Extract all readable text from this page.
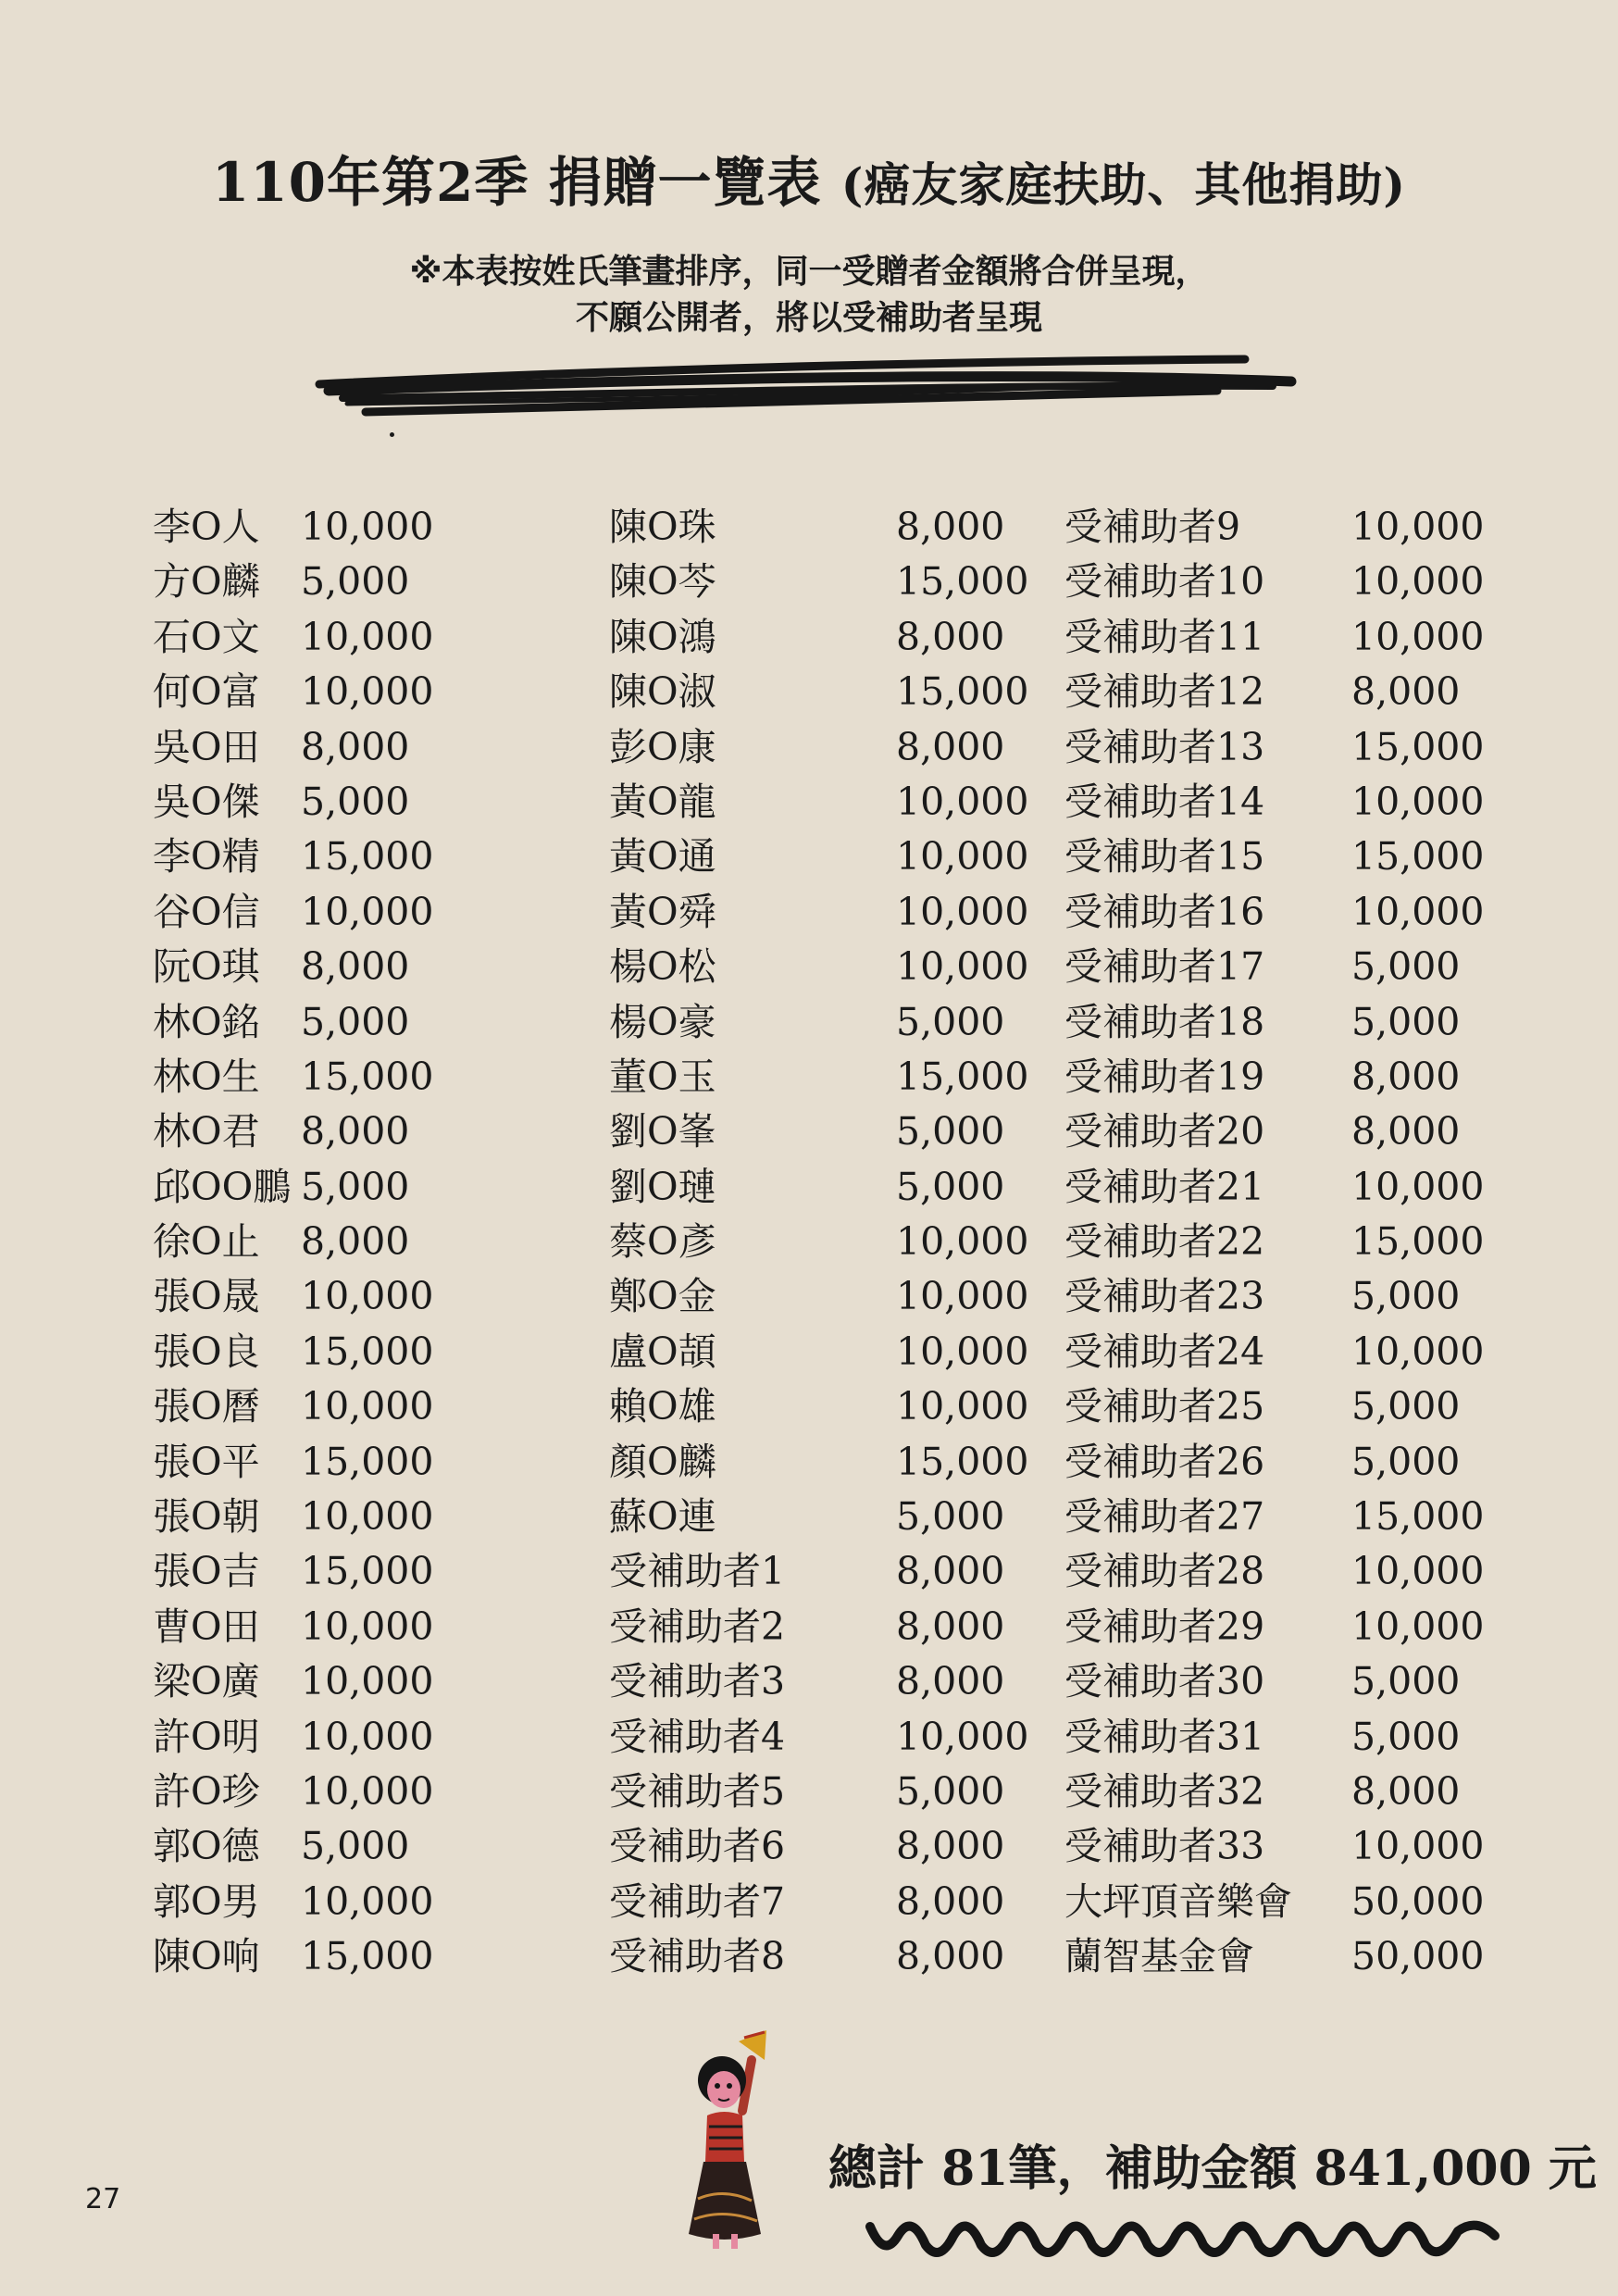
110年第2季 捐贈一覽表 (癌友家庭扶助、其他捐助)
※本表按姓氏筆畫排序，同一受贈者金額將合併呈現，
不願公開者，將以受補助者呈現
李O人 10,000
方O麟 5,000
石O文 10,000
何O富 10,000
吳O田 8,000
吳O傑 5,000
李O精 15,000
谷O信 10,000
阮O琪 8,000
林O銘 5,000
林O生 15,000
林O君 8,000
邱OO鵬 5,000
徐O止 8,000
張O晟 10,000
張O良 15,000
張O曆 10,000
張O平 15,000
張O朝 10,000
張O吉 15,000
曹O田 10,000
梁O廣 10,000
許O明 10,000
許O珍 10,000
郭O德 5,000
郭O男 10,000
陳O响 15,000
陳O珠	8,000
陳O芩	15,000
陳O鴻	8,000
陳O淑	15,000
彭O康	8,000
黃O龍	10,000
黃O通	10,000
黃O舜	10,000
楊O松	10,000
楊O豪	5,000
董O玉	15,000
劉O峯	5,000
劉O璉	5,000
蔡O彥	10,000
鄭O金	10,000
盧O頡	10,000
賴O雄	10,000
顏O麟	15,000
蘇O連	5,000
受補助者1	8,000
受補助者2	8,000
受補助者3	8,000
受補助者4	10,000
受補助者5	5,000
受補助者6	8,000
受補助者7	8,000
受補助者8	8,000
受補助者9	10,000
受補助者10 10,000
受補助者11 10,000
受補助者12 8,000
受補助者13 15,000
受補助者14 10,000
受補助者15 15,000
受補助者16 10,000
受補助者17 5,000
受補助者18 5,000
受補助者19 8,000
受補助者20 8,000
受補助者21 10,000
受補助者22 15,000
受補助者23 5,000
受補助者24 10,000
受補助者25 5,000
受補助者26 5,000
受補助者27 15,000
受補助者28 10,000
受補助者29 10,000
受補助者30 5,000
受補助者31 5,000
受補助者32 8,000
受補助者33 10,000
大坪頂音樂會 50,000
蘭智基金會	50,000
總計 81筆，補助金額 841,000 元
27
